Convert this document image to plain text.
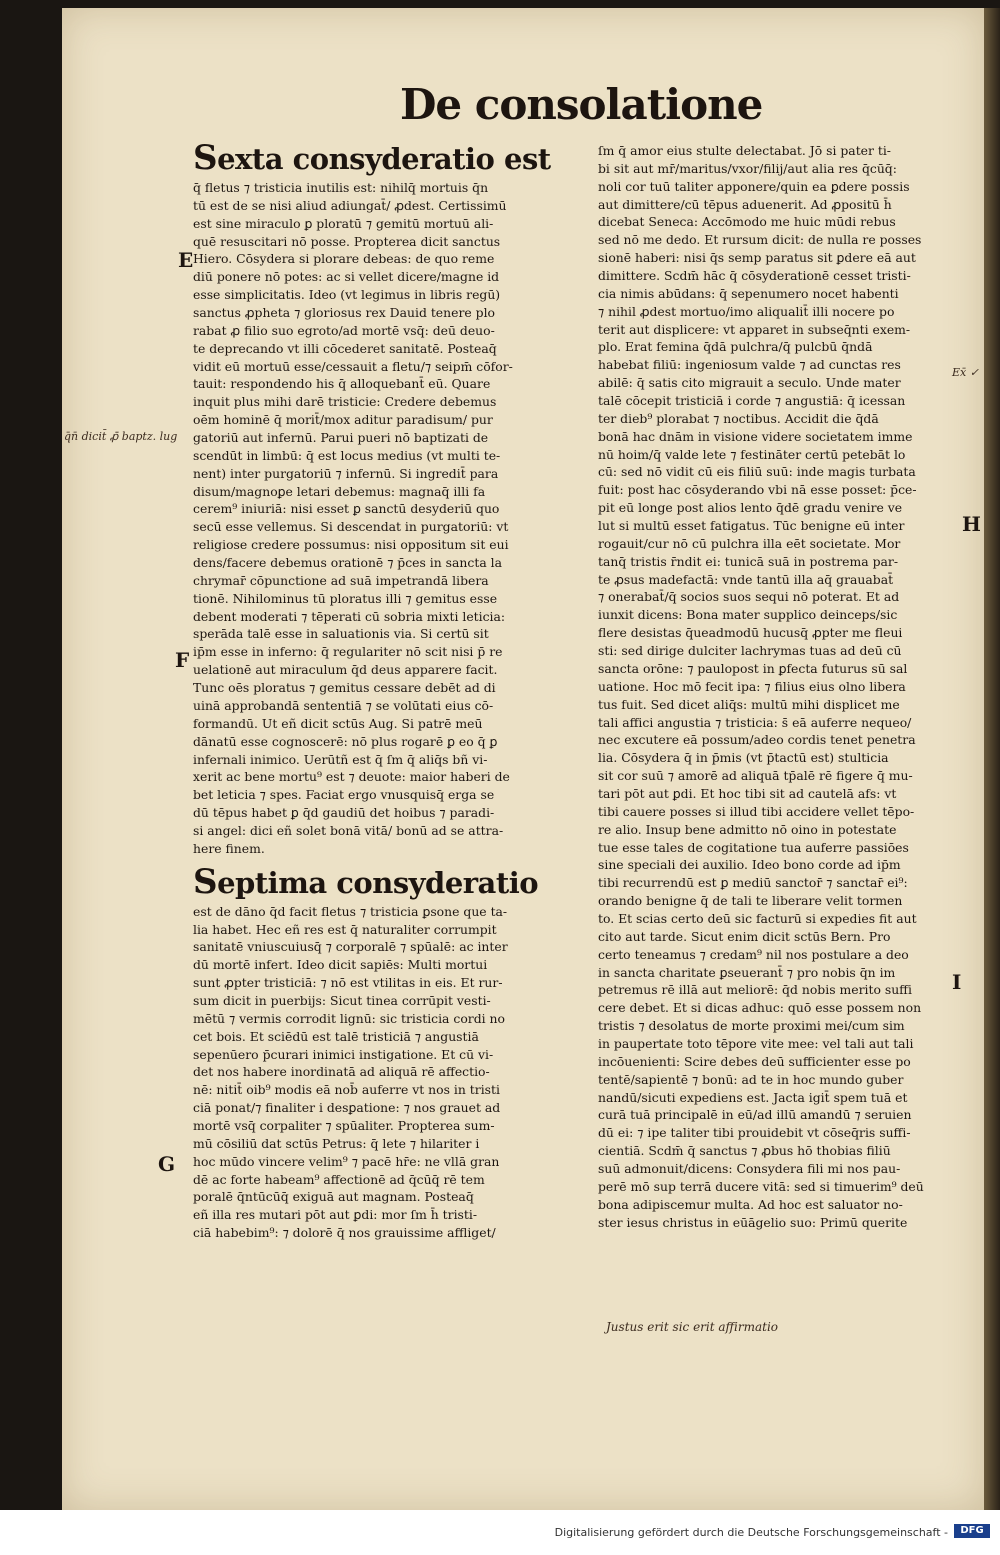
De consolatione
Sexta consyderatio est
q̄ fletus ⁊ tristicia inutilis est: nihilq̄ mortuis q̄n
tū est de se nisi aliud adiungat̄/ ꝓdest. Certissimū
est sine miraculo ꝑ ploratū ⁊ gemitū mortuū ali-
quē resuscitari nō posse. Propterea dicit sanctus
Hiero. Cōsydera si plorare debeas: de quo reme
diū ponere nō potes: ac si vellet dicere/magne id
esse simplicitatis. Ideo (vt legimus in libris regū)
sanctus ꝓpheta ⁊ gloriosus rex Dauid tenere plo
rabat ꝓ filio suo egroto/ad mortē vsq̄: deū deuo-
te deprecando vt illi cōcederet sanitatē. Posteaq̄
vidit eū mortuū esse/cessauit a fletu/⁊ seipm̄ cōfor-
tauit: respondendo his q̄ alloquebant̄ eū. Quare
inquit plus mihi darē tristicie: Credere debemus
oēm hominē q̄ morit̄/mox aditur paradisum/ pur
gatoriū aut infernū. Parui pueri nō baptizati de
scendūt in limbū: q̄ est locus medius (vt multi te-
nent) inter purgatoriū ⁊ infernū. Si ingredit̄ para
disum/magnoꝑe letari debemus: magnaq̄ illi fa
cerem⁹ iniuriā: nisi esset ꝑ sanctū desyderiū quo
secū esse vellemus. Si descendat in purgatoriū: vt
religiose credere possumus: nisi oppositum sit eui
dens/facere debemus orationē ⁊ p̄ces in sancta la
chrymar̄ cōpunctione ad suā impetrandā libera
tionē. Nihilominus tū ploratus illi ⁊ gemitus esse
debent moderati ⁊ tēperati cū sobria mixti leticia:
sperāda talē esse in saluationis via. Si certū sit
ip̄m esse in inferno: q̄ regulariter nō scit nisi p̄ re
uelationē aut miraculum q̄d deus apparere facit.
Tunc oēs ploratus ⁊ gemitus cessare debēt ad di
uinā approbandā sententiā ⁊ se volūtati eius cō-
formandū. Ut eñ dicit sctūs Aug. Si patrē meū
dānatū esse cognoscerē: nō plus rogarē ꝑ eo q̄ ꝑ
infernali inimico. Uerūtñ est q̄ ſm q̄ aliq̄s bñ vi-
xerit ac bene mortu⁹ est ⁊ deuote: maior haberi de
bet leticia ⁊ spes. Faciat ergo vnusquisq̄ erga se
dū tēpus habet ꝑ q̄d gaudiū det hoibus ⁊ paradi-
si angel: dici eñ solet bonā vitā/ bonū ad se attra-
here finem.
Septima consyderatio
est de dāno q̄d facit fletus ⁊ tristicia ꝑsone que ta-
lia habet. Hec eñ res est q̄ naturaliter corrumpit
sanitatē vniuscuiusq̄ ⁊ corporalē ⁊ spūalē: ac inter
dū mortē infert. Ideo dicit sapiēs: Multi mortui
sunt ꝓpter tristiciā: ⁊ nō est vtilitas in eis. Et rur-
sum dicit in puerbijs: Sicut tinea corrūpit vesti-
mētū ⁊ vermis corrodit lignū: sic tristicia cordi no
cet bois. Et sciēdū est talē tristiciā ⁊ angustiā
sepenūero p̄curari inimici instigatione. Et cū vi-
det nos habere inordinatā ad aliquā rē affectio-
nē: nitit̄ oib⁹ modis eā nob̄ auferre vt nos in tristi
ciā ponat/⁊ finaliter i desꝑatione: ⁊ nos grauet ad
mortē vsq̄ corpaliter ⁊ spūaliter. Propterea sum-
mū cōsiliū dat sctūs Petrus: q̄ lete ⁊ hilariter i
hoc mūdo vincere velim⁹ ⁊ pacē hr̄e: ne vllā gran
dē ac forte habeam⁹ affectionē ad q̄cūq̄ rē tem
poralē q̄ntūcūq̄ exiguā aut magnam. Posteaq̄
eñ illa res mutari pōt aut ꝑdi: mor ſm h̄ tristi-
ciā habebim⁹: ⁊ dolorē q̄ nos grauissime affliget/
ſm q̄ amor eius stulte delectabat. Jō si pater ti-
bi sit aut mr̄/maritus/vxor/filij/aut alia res q̄cūq̄:
noli cor tuū taliter apponere/quin ea ꝑdere possis
aut dimittere/cū tēpus aduenerit. Ad ꝓpositū h̄
dicebat Seneca: Accōmodo me huic mūdi rebus
sed nō me dedo. Et rursum dicit: de nulla re posses
sionē haberi: nisi q̄s semp paratus sit ꝑdere eā aut
dimittere. Scdm̄ hāc q̄ cōsyderationē cesset tristi-
cia nimis abūdans: q̄ sepenumero nocet habenti
⁊ nihil ꝓdest mortuo/imo aliqualit̄ illi nocere po
terit aut displicere: vt apparet in subseq̄nti exem-
plo. Erat femina q̄dā pulchra/q̄ pulcbū q̄ndā
habebat filiū: ingeniosum valde ⁊ ad cunctas res
abilē: q̄ satis cito migrauit a seculo. Unde mater
talē cōcepit tristiciā i corde ⁊ angustiā: q̄ icessan
ter dieb⁹ plorabat ⁊ noctibus. Accidit die q̄dā
bonā hac dnām in visione videre societatem imme
nū hoim/q̄ valde lete ⁊ festināter certū petebāt lo
cū: sed nō vidit cū eis filiū suū: inde magis turbata
fuit: post hac cōsyderando vbi nā esse posset: p̄ce-
pit eū longe post alios lento q̄dē gradu venire ve
lut si multū esset fatigatus. Tūc benigne eū inter
rogauit/cur nō cū pulchra illa eēt societate. Mor
tanq̄ tristis r̄ndit ei: tunicā suā in postrema par-
te ꝓsus madefactā: vnde tantū illa aq̄ grauabat̄
⁊ onerabat̄/q̄ socios suos sequi nō poterat. Et ad
iunxit dicens: Bona mater supplico deinceps/sic
flere desistas q̄ueadmodū hucusq̄ ꝓpter me fleui
sti: sed dirige dulciter lachrymas tuas ad deū cū
sancta orōne: ⁊ paulopost in ꝑfecta futurus sū sal
uatione. Hoc mō fecit ipa: ⁊ filius eius olno libera
tus fuit. Sed dicet aliq̄s: multū mihi displicet me
tali affici angustia ⁊ tristicia: s̄ eā auferre nequeo/
nec excutere eā possum/adeo cordis tenet penetra
lia. Cōsydera q̄ in p̄mis (vt p̄tactū est) stulticia
sit cor suū ⁊ amorē ad aliquā tp̄alē rē figere q̄ mu-
tari pōt aut ꝑdi. Et hoc tibi sit ad cautelā afs: vt
tibi cauere posses si illud tibi accidere vellet tēpo-
re alio. Insup bene admitto nō oino in potestate
tue esse tales de cogitatione tua auferre passiōes
sine speciali dei auxilio. Ideo bono corde ad ip̄m
tibi recurrendū est ꝑ mediū sanctor̄ ⁊ sanctar̄ ei⁹:
orando benigne q̄ de tali te liberare velit tormen
to. Et scias certo deū sic facturū si expedies fit aut
cito aut tarde. Sicut enim dicit sctūs Bern. Pro
certo teneamus ⁊ credam⁹ nil nos postulare a deo
in sancta charitate ꝑseuerant̄ ⁊ pro nobis q̄n im
petremus rē illā aut meliorē: q̄d nobis merito suffi
cere debet. Et si dicas adhuc: quō esse possem non
tristis ⁊ desolatus de morte proximi mei/cum sim
in paupertate toto tēpore vite mee: vel tali aut tali
incōuenienti: Scire debes deū sufficienter esse po
tentē/sapientē ⁊ bonū: ad te in hoc mundo guber
nandū/sicuti expediens est. Jacta igit̄ spem tuā et
curā tuā principalē in eū/ad illū amandū ⁊ seruien
dū ei: ⁊ ipe taliter tibi prouidebit vt cōseq̄ris suffi-
cientiā. Scdm̄ q̄ sanctus ⁊ ꝓbus hō thobias filiū
suū admonuit/dicens: Consydera fili mi nos pau-
perē mō sup terrā ducere vitā: sed si timuerim⁹ deū
bona adipiscemur multa. Ad hoc est saluator no-
ster iesus christus in eūāgelio suo: Primū querite
E
F
G
H
I
q̄n̄ dicit̄ ꝓ̄ baptz. lug
Ex̄ ✓
Justus erit sic erit affirmatio
Digitalisierung gefördert durch die Deutsche Forschungsgemeinschaft -	DFG
